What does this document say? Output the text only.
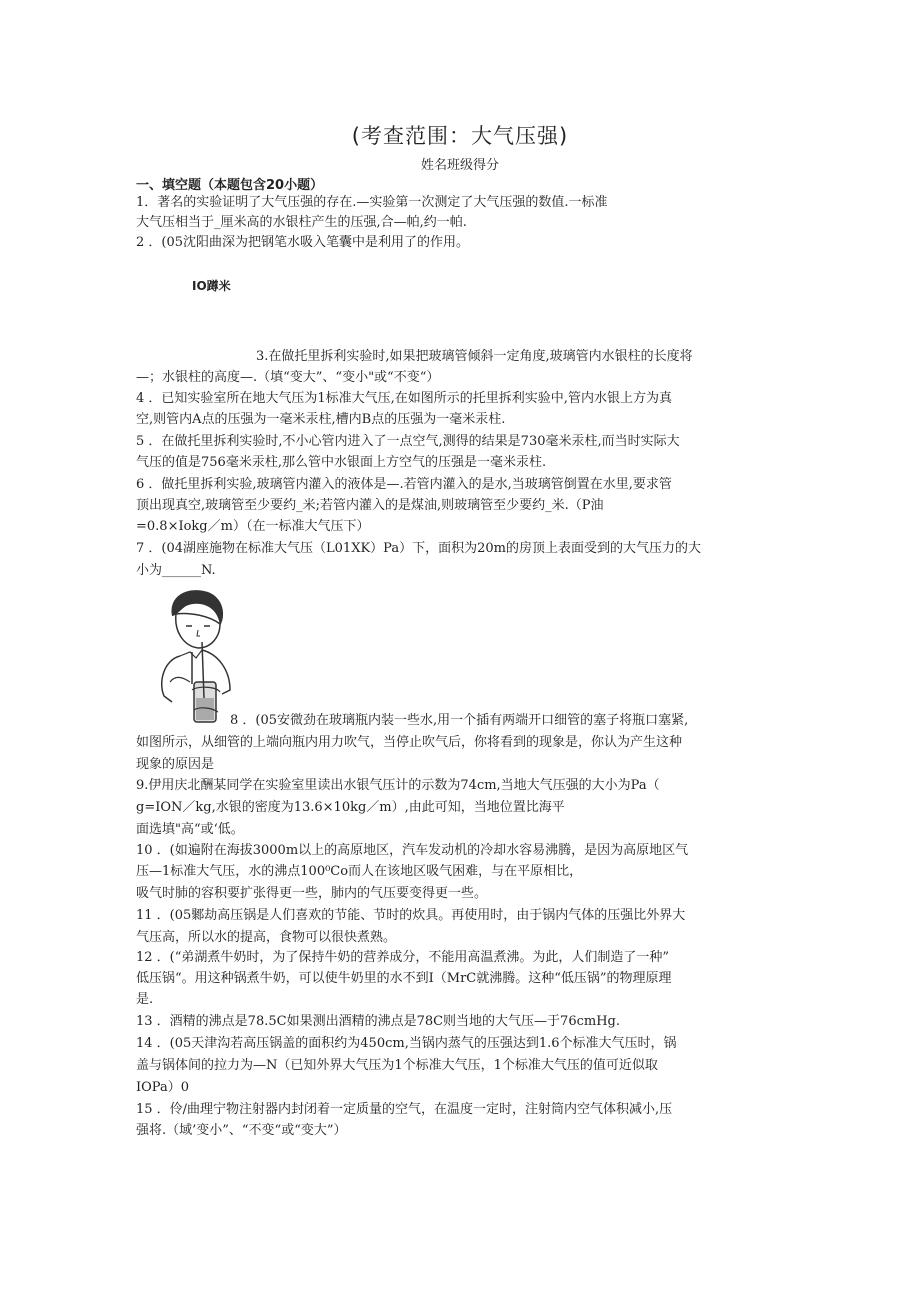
(考查范围：大气压强)
姓名班级得分
一、填空题（本题包含20小题）
1．著名的实验证明了大气压强的存在.—实验第一次测定了大气压强的数值.一标准
大气压相当于_厘米高的水银柱产生的压强,合—帕,约一帕.
2 ．(05沈阳曲深为把钢笔水吸入笔囊中是利用了的作用。
IO蹲米
3.在做托里拆利实验时,如果把玻璃管倾斜一定角度,玻璃管内水银柱的长度将
—；水银柱的高度—.（填“变大”、“变小"或“不变“）
4 ．已知实验室所在地大气压为1标准大气压,在如图所示的托里拆利实验中,管内水银上方为真
空,则管内A点的压强为一毫米汞柱,槽内B点的压强为一毫米汞柱.
5 ．在做托里拆利实验时,不小心管内进入了一点空气,测得的结果是730毫米汞柱,而当时实际大
气压的值是756毫米汞柱,那么管中水银面上方空气的压强是一毫米汞柱.
6 ．做托里拆利实验,玻璃管内灌入的液体是—.若管内灌入的是水,当玻璃管倒置在水里,要求管
顶出现真空,玻璃管至少要约_米;若管内灌入的是煤油,则玻璃管至少要约_米.（P油
=0.8×Iokg／m）（在一标准大气压下）
7 ．(04湖座施物在标准大气压（L01XK）Pa）下，面积为20m的房顶上表面受到的大气压力的大
小为______N.
8 ．(05安微劲在玻璃瓶内装一些水,用一个插有两端开口细管的塞子将瓶口塞紧,
如图所示，从细管的上端向瓶内用力吹气，当停止吹气后，你将看到的现象是，你认为产生这种
现象的原因是
9.伊用庆北酬某同学在实验室里读出水银气压计的示数为74cm,当地大气压强的大小为Pa（
g=ION／kg,水银的密度为13.6×10kg／m）,由此可知，当地位置比海平
面选填"高“或‘低。
10 ．(如遍附在海拔3000m以上的高原地区，汽车发动机的冷却水容易沸腾，是因为高原地区气
压—1标准大气压，水的沸点100⁰Co而人在该地区吸气困难，与在平原相比，
吸气时肺的容积要扩张得更一些，肺内的气压要变得更一些。
11 ．(05鄹劫高压锅是人们喜欢的节能、节时的炊具。再使用时，由于锅内气体的压强比外界大
气压高，所以水的提高，食物可以很快煮熟。
12 ．(“弟湖煮牛奶时，为了保持牛奶的营养成分，不能用高温煮沸。为此，人们制造了一种”
低压锅“。用这种锅煮牛奶，可以使牛奶里的水不到I（MrC就沸腾。这种“低压锅”的物理原理
是.
13 ．酒精的沸点是78.5C如果测出酒精的沸点是78C则当地的大气压—于76cmHg.
14 ．(05天津沟若高压锅盖的面积约为450cm,当锅内蒸气的压强达到1.6个标准大气压时，锅
盖与锅体间的拉力为—N（已知外界大气压为1个标准大气压，1个标准大气压的值可近似取
IOPa）0
15 ．伶/曲理宁物注射器内封闭着一定质量的空气，在温度一定时，注射筒内空气体积减小,压
强将.（域’变小”、“不变“或“变大”）
